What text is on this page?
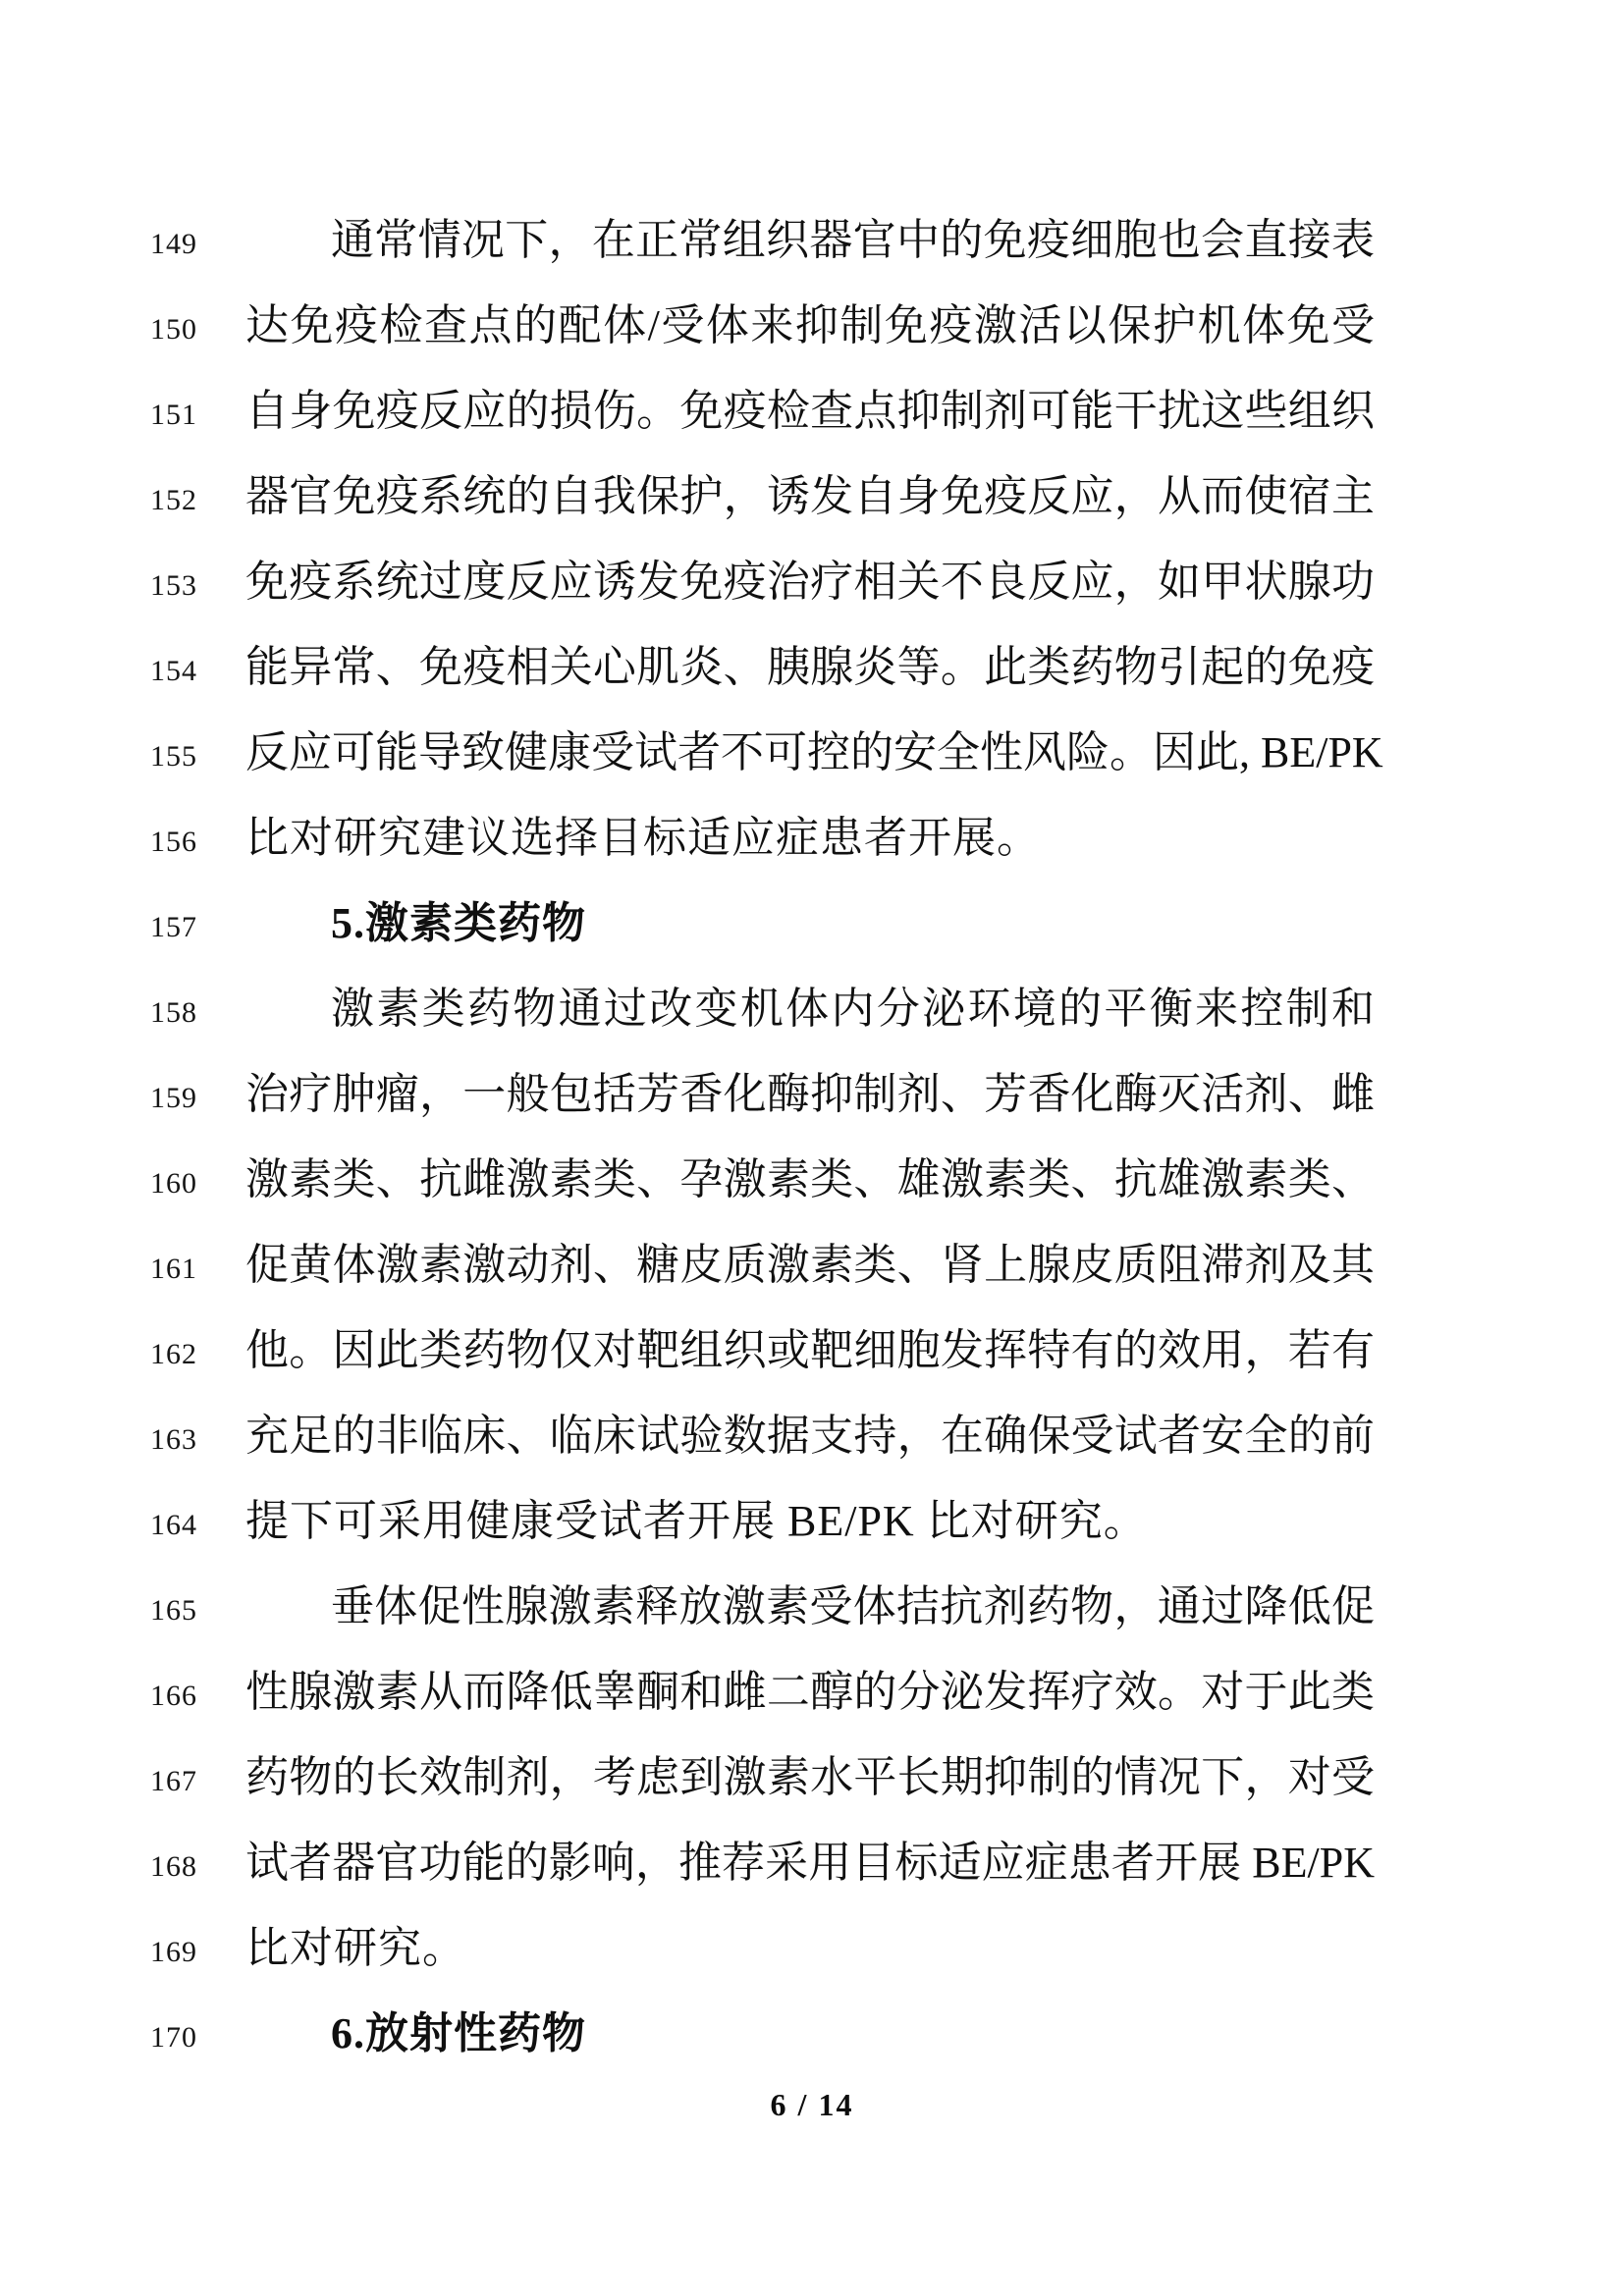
149	通常情况下，在正常组织器官中的免疫细胞也会直接表
150 达免疫检查点的配体/受体来抑制免疫激活以保护机体免受
151 自身免疫反应的损伤。免疫检查点抑制剂可能干扰这些组织
152 器官免疫系统的自我保护，诱发自身免疫反应，从而使宿主
153 免疫系统过度反应诱发免疫治疗相关不良反应，如甲状腺功
154 能异常、免疫相关心肌炎、胰腺炎等。此类药物引起的免疫
155 反应可能导致健康受试者不可控的安全性风险。因此, BE/PK
156 比对研究建议选择目标适应症患者开展。
157	5.激素类药物
158	激素类药物通过改变机体内分泌环境的平衡来控制和
159 治疗肿瘤，一般包括芳香化酶抑制剂、芳香化酶灭活剂、雌
160 激素类、抗雌激素类、孕激素类、雄激素类、抗雄激素类、
161 促黄体激素激动剂、糖皮质激素类、肾上腺皮质阻滞剂及其
162 他。因此类药物仅对靶组织或靶细胞发挥特有的效用，若有
163 充足的非临床、临床试验数据支持，在确保受试者安全的前
164 提下可采用健康受试者开展 BE/PK 比对研究。
165	垂体促性腺激素释放激素受体拮抗剂药物，通过降低促
166 性腺激素从而降低睾酮和雌二醇的分泌发挥疗效。对于此类
167 药物的长效制剂，考虑到激素水平长期抑制的情况下，对受
168 试者器官功能的影响，推荐采用目标适应症患者开展 BE/PK
169 比对研究。
170	6.放射性药物
6 / 14
